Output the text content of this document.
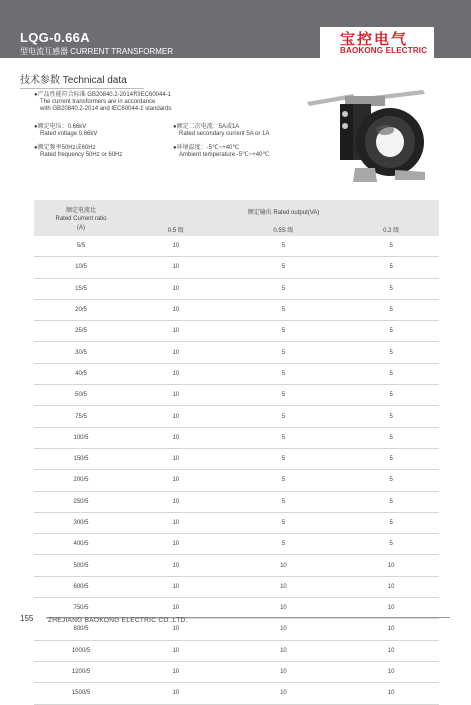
LQG-0.66A
型电流互感器 CURRENT TRANSFORMER
宝控电气
BAOKONG ELECTRIC
技术参数 Technical data
●产品性能符合标准 GB20840.2-2014和IEC60044-1
The current transformers are in accordance
with GB20840.2-2014 and IEC60044-1 standards
●额定电压：0.66kV
Rated voltage 0.66kV
●额定二次电流：5A或1A
Rated secondary current 5A or 1A
●额定频率50Hz或60Hz
Rated frequency 50Hz or 60Hz
●环境温度：-5℃~+40℃
Ambient temperature -5℃~+40℃
额定电流比
Rated Current ratio
(A)	额定输出 Rated output(VA)		
	0.5 级	0.5S 级	0.2 级
5/5	10	5	5
10/5	10	5	5
15/5	10	5	5
20/5	10	5	5
25/5	10	5	5
30/5	10	5	5
40/5	10	5	5
50/5	10	5	5
75/5	10	5	5
100/5	10	5	5
150/5	10	5	5
200/5	10	5	5
250/5	10	5	5
300/5	10	5	5
400/5	10	5	5
500/5	10	10	10
600/5	10	10	10
750/5	10	10	10
800/5	10	10	10
1000/5	10	10	10
1200/5	10	10	10
1500/5	10	10	10
155	ZHEJIANG BAOKONG ELECTRIC CO.,LTD.
